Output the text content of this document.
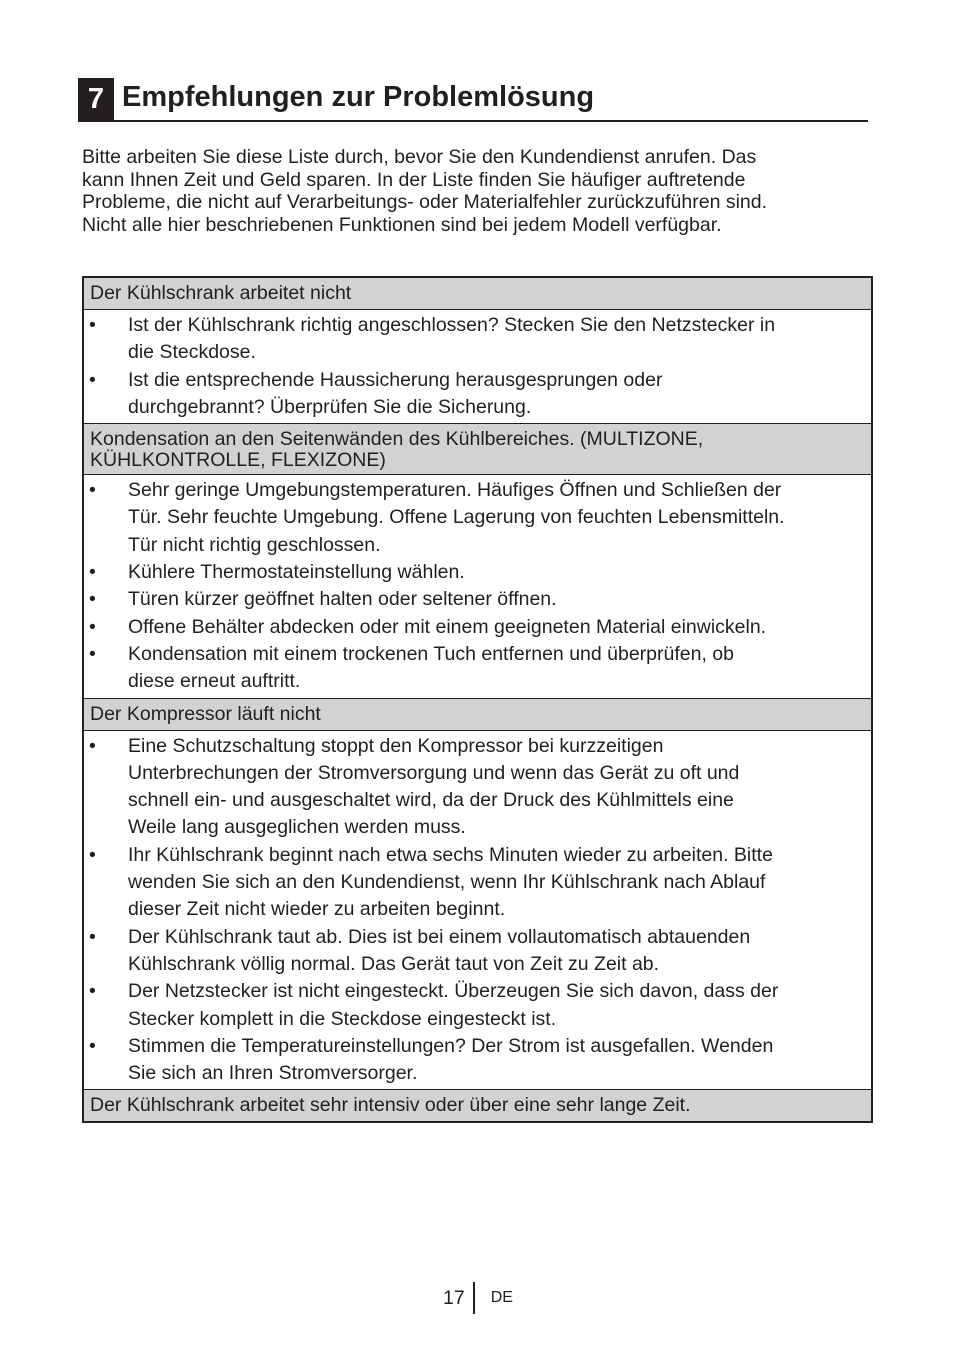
7 Empfehlungen zur Problemlösung

Bitte arbeiten Sie diese Liste durch, bevor Sie den Kundendienst anrufen. Das

kann Ihnen Zeit und Geld sparen. In der Liste finden Sie häufiger auftretende

Probleme, die nicht auf Verarbeitungs- oder Materialfehler zurückzuführen sind.

Nicht alle hier beschriebenen Funktionen sind bei jedem Modell verfügbar.

Der Kühlschrank arbeitet nicht
•	Ist der Kühlschrank richtig angeschlossen? Stecken Sie den Netzstecker in
die Steckdose.
•	Ist die entsprechende Haussicherung herausgesprungen oder
durchgebrannt? Überprüfen Sie die Sicherung.
Kondensation an den Seitenwänden des Kühlbereiches. (MULTIZONE,
KÜHLKONTROLLE, FLEXIZONE)
•	Sehr geringe Umgebungstemperaturen. Häufiges Öffnen und Schließen der
Tür. Sehr feuchte Umgebung. Offene Lagerung von feuchten Lebensmitteln.
Tür nicht richtig geschlossen.
•	Kühlere Thermostateinstellung wählen.
•	Türen kürzer geöffnet halten oder seltener öffnen.
•	Offene Behälter abdecken oder mit einem geeigneten Material einwickeln.
•	Kondensation mit einem trockenen Tuch entfernen und überprüfen, ob
diese erneut auftritt.
Der Kompressor läuft nicht
•	Eine Schutzschaltung stoppt den Kompressor bei kurzzeitigen
Unterbrechungen der Stromversorgung und wenn das Gerät zu oft und
schnell ein- und ausgeschaltet wird, da der Druck des Kühlmittels eine
Weile lang ausgeglichen werden muss.
•	Ihr Kühlschrank beginnt nach etwa sechs Minuten wieder zu arbeiten. Bitte
wenden Sie sich an den Kundendienst, wenn Ihr Kühlschrank nach Ablauf
dieser Zeit nicht wieder zu arbeiten beginnt.
•	Der Kühlschrank taut ab. Dies ist bei einem vollautomatisch abtauenden
Kühlschrank völlig normal. Das Gerät taut von Zeit zu Zeit ab.
•	Der Netzstecker ist nicht eingesteckt. Überzeugen Sie sich davon, dass der
Stecker komplett in die Steckdose eingesteckt ist.
•	Stimmen die Temperatureinstellungen? Der Strom ist ausgefallen. Wenden
Sie sich an Ihren Stromversorger.
Der Kühlschrank arbeitet sehr intensiv oder über eine sehr lange Zeit.
17	DE
